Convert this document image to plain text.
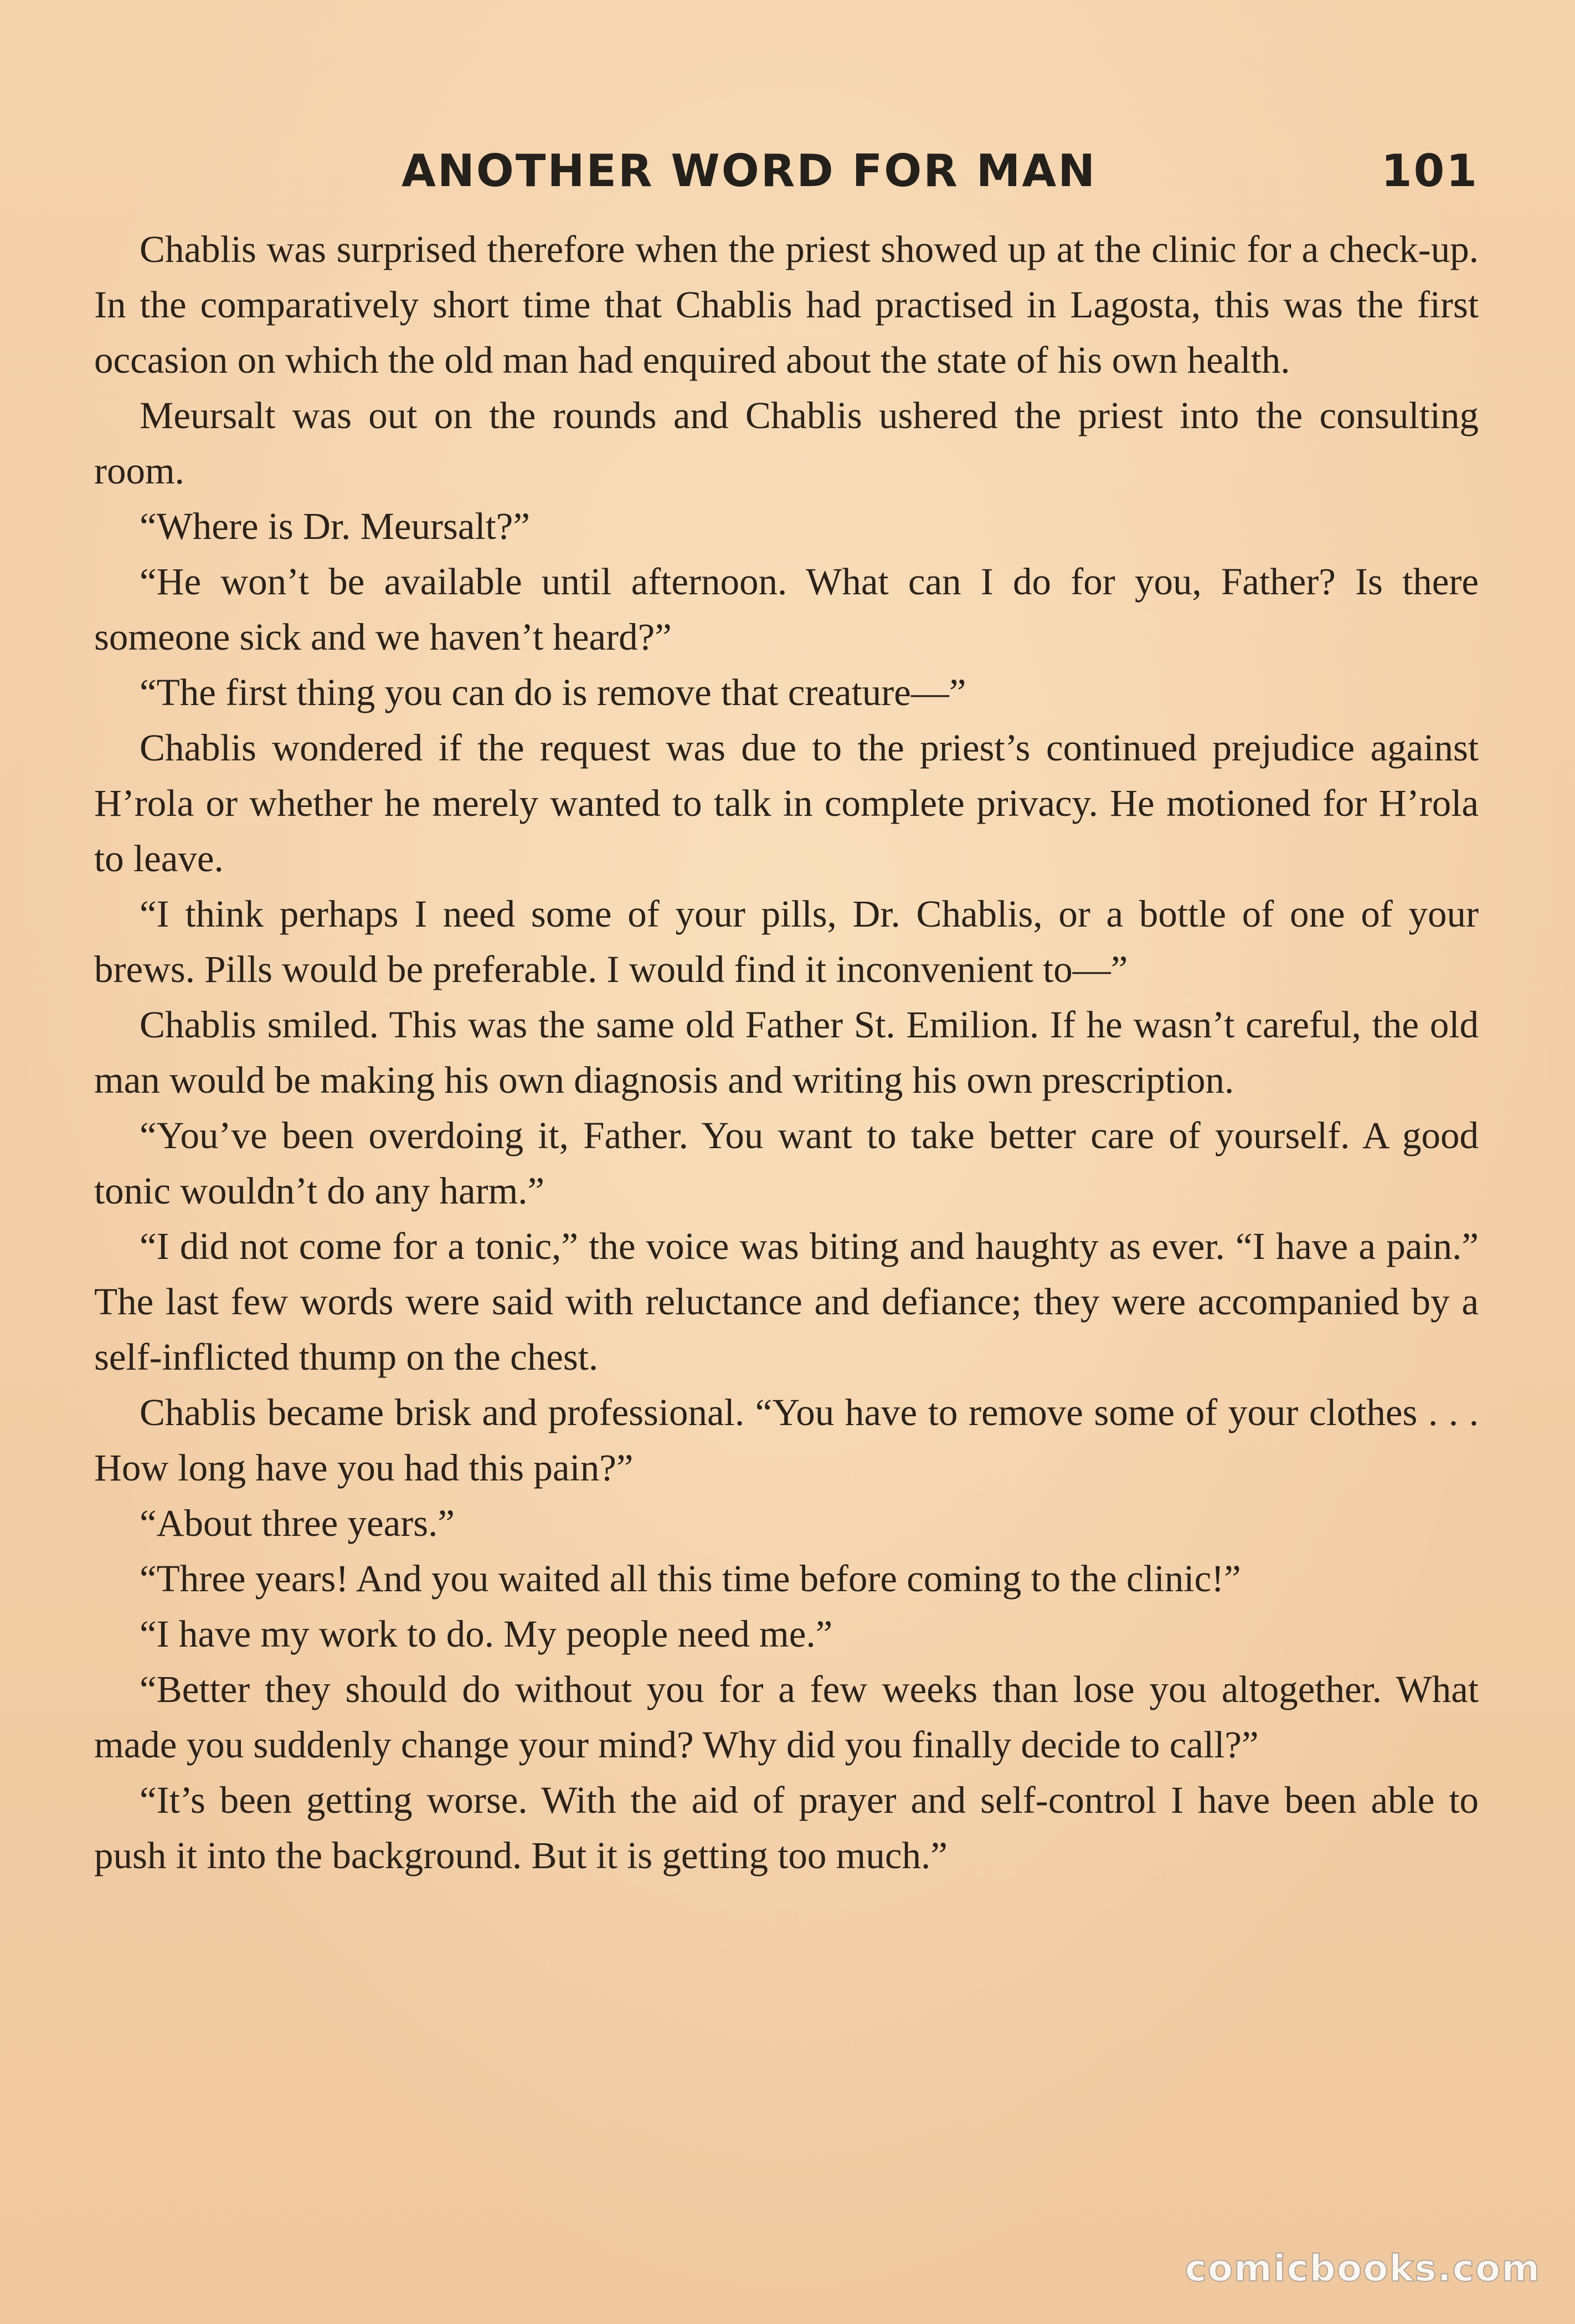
ANOTHER WORD FOR MAN	101

Chablis was surprised therefore when the priest showed up at the clinic for a check-up. In the comparatively short time that Chablis had practised in Lagosta, this was the first occasion on which the old man had enquired about the state of his own health.

Meursalt was out on the rounds and Chablis ushered the priest into the consulting room.

“Where is Dr. Meursalt?”

“He won’t be available until afternoon. What can I do for you, Father? Is there someone sick and we haven’t heard?”

“The first thing you can do is remove that creature—”

Chablis wondered if the request was due to the priest’s continued prejudice against H’rola or whether he merely wanted to talk in complete privacy. He motioned for H’rola to leave.

“I think perhaps I need some of your pills, Dr. Chablis, or a bottle of one of your brews. Pills would be preferable. I would find it inconvenient to—”

Chablis smiled. This was the same old Father St. Emilion. If he wasn’t careful, the old man would be making his own diagnosis and writing his own prescription.

“You’ve been overdoing it, Father. You want to take better care of yourself. A good tonic wouldn’t do any harm.”

“I did not come for a tonic,” the voice was biting and haughty as ever. “I have a pain.” The last few words were said with reluctance and defiance; they were accompanied by a self-inflicted thump on the chest.

Chablis became brisk and professional. “You have to remove some of your clothes . . . How long have you had this pain?”

“About three years.”

“Three years! And you waited all this time before coming to the clinic!”

“I have my work to do. My people need me.”

“Better they should do without you for a few weeks than lose you altogether. What made you suddenly change your mind? Why did you finally decide to call?”

“It’s been getting worse. With the aid of prayer and self-control I have been able to push it into the background. But it is getting too much.”

comicbooks.com
